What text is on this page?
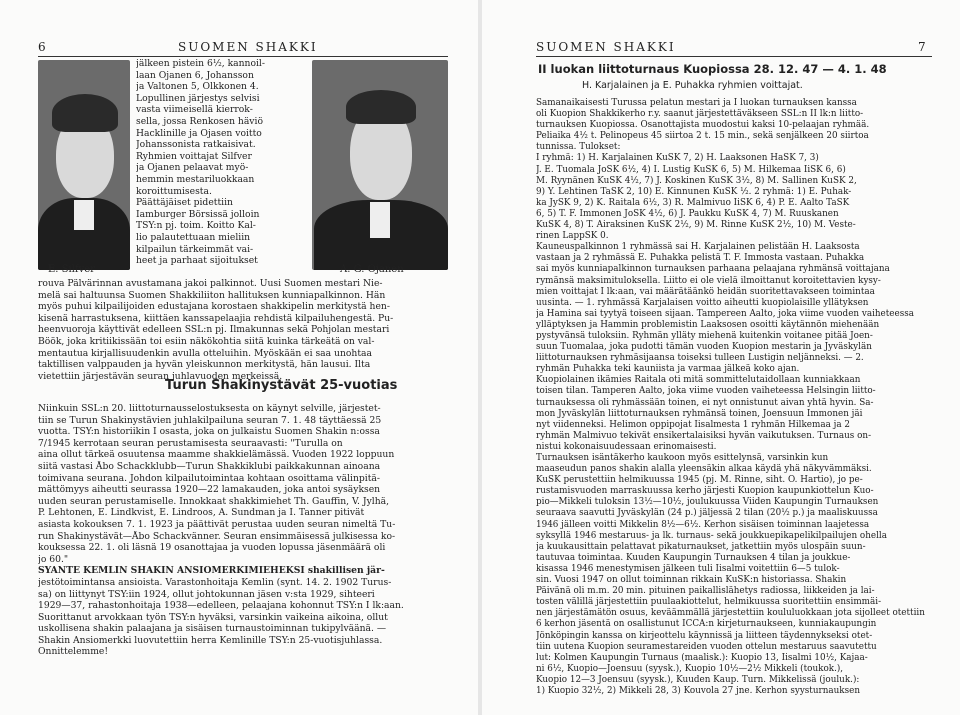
6	SUOMEN SHAKKI
jälkeen pistein 6½, kannoil-
laan Ojanen 6, Johansson
ja Valtonen 5, Olkkonen 4.
Lopullinen järjestys selvisi
vasta viimeisellä kierrok-
sella, jossa Renkosen häviö
Hacklinille ja Ojasen voitto
Johanssonista ratkaisivat.
Ryhmien voittajat Silfver
ja Ojanen pelaavat myö-
hemmin mestariluokkaan
koroittumisesta.
Päättäjäiset pidettiin
Iamburger Börsissä jolloin
TSY:n pj. toim. Koitto Kal-
lio palautettuaan mieliin
kilpailun tärkeimmät vai-
heet ja parhaat sijoitukset
E. Silfver	A. G. Ojanen
rouva Pälvärinnan avustamana jakoi palkinnot. Uusi Suomen mestari Nie-
melä sai haltuunsa Suomen Shakkiliiton hallituksen kunniapalkinnon. Hän
myös puhui kilpailijoiden edustajana korostaen shakkipelin merkitystä hen-
kisenä harrastuksena, kiittäen kanssapelaajia rehdistä kilpailuhengestä. Pu-
heenvuoroja käyttivät edelleen SSL:n pj. Ilmakunnas sekä Pohjolan mestari
Böök, joka kritiikissään toi esiin näkökohtia siitä kuinka tärkeätä on val-
mentautua kirjallisuudenkin avulla otteluihin. Myöskään ei saa unohtaa
taktillisen valppauden ja hyvän yleiskunnon merkitystä, hän lausui. Ilta
vietettiin järjestävän seuran juhlavuoden merkeissä.
Turun Shakinystävät 25-vuotias
Niinkuin SSL:n 20. liittoturnausselostuksesta on käynyt selville, järjestet-
tiin se Turun Shakinystävien juhlakilpailuna seuran 7. 1. 48 täyttäessä 25
vuotta. TSY:n historiikin I osasta, joka on julkaistu Suomen Shakin n:ossa
7/1945 kerrotaan seuran perustamisesta seuraavasti: "Turulla on
aina ollut tärkeä osuutensa maamme shakkielämässä. Vuoden 1922 loppuun
siitä vastasi Åbo Schackklubb—Turun Shakkiklubi paikkakunnan ainoana
toimivana seurana. Johdon kilpailutoimintaa kohtaan osoittama välinpitä-
mättömyys aiheutti seurassa 1920—22 lamakauden, joka antoi sysäyksen
uuden seuran perustamiselle. Innokkaat shakkimiehet Th. Gauffin, V. Jylhä,
P. Lehtonen, E. Lindkvist, E. Lindroos, A. Sundman ja I. Tanner pitivät
asiasta kokouksen 7. 1. 1923 ja päättivät perustaa uuden seuran nimeltä Tu-
run Shakinystävät—Åbo Schackvänner. Seuran ensimmäisessä julkisessa ko-
kouksessa 22. 1. oli läsnä 19 osanottajaa ja vuoden lopussa jäsenmäärä oli
jo 60."
SYANTE KEMLIN SHAKIN ANSIOMERKIMIEHEKSI shakillisen jär-
jestötoimintansa ansioista. Varastonhoitaja Kemlin (synt. 14. 2. 1902 Turus-
sa) on liittynyt TSY:iin 1924, ollut johtokunnan jäsen v:sta 1929, sihteeri
1929—37, rahastonhoitaja 1938—edelleen, pelaajana kohonnut TSY:n I lk:aan.
Suorittanut arvokkaan työn TSY:n hyväksi, varsinkin vaikeina aikoina, ollut
uskollisena shakin palaajana ja sisäisen turnaustoiminnan tukipylväänä. —
Shakin Ansiomerkki luovutettiin herra Kemlinille TSY:n 25-vuotisjuhlassa.
Onnittelemme!
SUOMEN SHAKKI	7
II luokan liittoturnaus Kuopiossa 28. 12. 47 — 4. 1. 48
H. Karjalainen ja E. Puhakka ryhmien voittajat.
Samanaikaisesti Turussa pelatun mestari ja I luokan turnauksen kanssa
oli Kuopion Shakkikerho r.y. saanut järjestettäväkseen SSL:n II lk:n liitto-
turnauksen Kuopiossa. Osanottajista muodostui kaksi 10-pelaajan ryhmää.
Peliaika 4½ t. Pelinopeus 45 siirtoa 2 t. 15 min., sekä senjälkeen 20 siirtoa
tunnissa. Tulokset:
I ryhmä: 1) H. Karjalainen KuSK 7, 2) H. Laaksonen HaSK 7, 3)
J. E. Tuomala JoSK 6½, 4) I. Lustig KuSK 6, 5) M. Hilkemaa IiSK 6, 6)
M. Ryynänen KuSK 4½, 7) J. Koskinen KuSK 3½, 8) M. Sallinen KuSK 2,
9) Y. Lehtinen TaSK 2, 10) E. Kinnunen KuSK ½. 2 ryhmä: 1) E. Puhak-
ka JySK 9, 2) K. Raitala 6½, 3) R. Malmivuo IiSK 6, 4) P. E. Aalto TaSK
6, 5) T. F. Immonen JoSK 4½, 6) J. Paukku KuSK 4, 7) M. Ruuskanen
KuSK 4, 8) T. Airaksinen KuSK 2½, 9) M. Rinne KuSK 2½, 10) M. Veste-
rinen LappSK 0.
Kauneuspalkinnon 1 ryhmässä sai H. Karjalainen pelistään H. Laaksosta
vastaan ja 2 ryhmässä E. Puhakka pelistä T. F. Immosta vastaan. Puhakka
sai myös kunniapalkinnon turnauksen parhaana pelaajana ryhmänsä voittajana
rymänsä maksimituloksella. Liitto ei ole vielä ilmoittanut koroitettavien kysy-
mien voittajat I lk:aan, vai määrätäänkö heidän suoritettavakseen toimintaa
uusinta. — 1. ryhmässä Karjalaisen voitto aiheutti kuopiolaisille yllätyksen
ja Hamina sai tyytyä toiseen sijaan. Tampereen Aalto, joka viime vuoden vaiheteessa
ylläptyksen ja Hammin problemistin Laaksosen osoitti käytännön miehenään
pystyvänsä tuloksiin. Ryhmän ylläty miehenä kuitenkin voitanee pitää Joen-
suun Tuomalaa, joka pudotti tämän vuoden Kuopion mestarin ja Jyväskylän
liittoturnauksen ryhmäsijaansa toiseksi tulleen Lustigin neljänneksi. — 2.
ryhmän Puhakka teki kauniista ja varmaa jälkeä koko ajan.
Kuopiolainen ikämies Raitala oti mitä sommittelutaidollaan kunniakkaan
toisen tilan. Tamperen Aalto, joka viime vuoden vaiheteessa Helsingin liitto-
turnauksessa oli ryhmässään toinen, ei nyt onnistunut aivan yhtä hyvin. Sa-
mon Jyväskylän liittoturnauksen ryhmänsä toinen, Joensuun Immonen jäi
nyt viidenneksi. Helimon oppipojat Iisalmesta 1 ryhmän Hilkemaa ja 2
ryhmän Malmivuo tekivät ensikertalaisiksi hyvän vaikutuksen. Turnaus on-
nistui kokonaisuudessaan erinomaisesti.
Turnauksen isäntäkerho kaukoon myös esittelynsä, varsinkin kun
maaseudun panos shakin alalla yleensäkin alkaa käydä yhä näkyvämmäksi.
KuSK perustettiin helmikuussa 1945 (pj. M. Rinne, siht. O. Hartio), jo pe-
rustamisvuoden marraskuussa kerho järjesti Kuopion kaupunkiottelun Kuo-
pio—Mikkeli tuloksin 13½—10½, joulukuussa Viiden Kaupungin Turnauksen
seuraava saavutti Jyväskylän (24 p.) jäljessä 2 tilan (20½ p.) ja maaliskuussa
1946 jälleen voitti Mikkelin 8½—6½. Kerhon sisäisen toiminnan laajetessa
syksyllä 1946 mestaruus- ja lk. turnaus- sekä joukkuepikapelikilpailujen ohella
ja kuukausittain pelattavat pikaturnaukset, jatkettiin myös ulospäin suun-
tautuvaa toimintaa. Kuuden Kaupungin Turnauksen 4 tilan ja joukkue-
kisassa 1946 menestymisen jälkeen tuli Iisalmi voitettiin 6—5 tulok-
sin. Vuosi 1947 on ollut toiminnan rikkain KuSK:n historiassa. Shakin
Päivänä oli m.m. 20 min. pituinen paikallislähetys radiossa, liikkeiden ja lai-
tosten välillä järjestettiin puulaakiottelut, helmikuussa suoritettiin ensimmäi-
nen järjestämätön osuus, keväämmällä järjestettiin koululuokkaan jota sijolleet otettiin
6 kerhon jäsentä on osallistunut ICCA:n kirjeturnaukseen, kunniakaupungin
Jönköpingin kanssa on kirjeottelu käynnissä ja liitteen täydennykseksi otet-
tiin uutena Kuopion seuramestareiden vuoden ottelun mestaruus saavutettu
lut: Kolmen Kaupungin Turnaus (maalisk.): Kuopio 13, Iisalmi 10½, Kajaa-
ni 6½, Kuopio—Joensuu (syysk.), Kuopio 10½—2½ Mikkeli (toukok.),
Kuopio 12—3 Joensuu (syysk.), Kuuden Kaup. Turn. Mikkelissä (jouluk.):
1) Kuopio 32½, 2) Mikkeli 28, 3) Kouvola 27 jne. Kerhon syysturnauksen
